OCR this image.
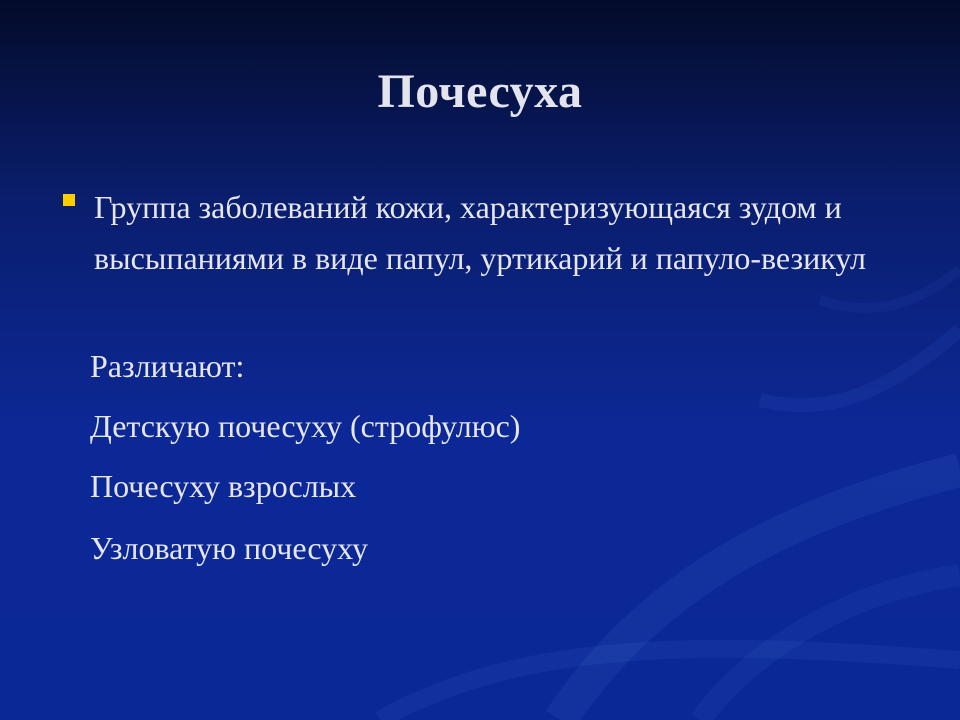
Почесуха
Группа заболеваний кожи, характеризующаяся зудом и высыпаниями в виде папул, уртикарий и папуло-везикул
Различают:
Детскую почесуху (строфулюс)
Почесуху взрослых
Узловатую почесуху
